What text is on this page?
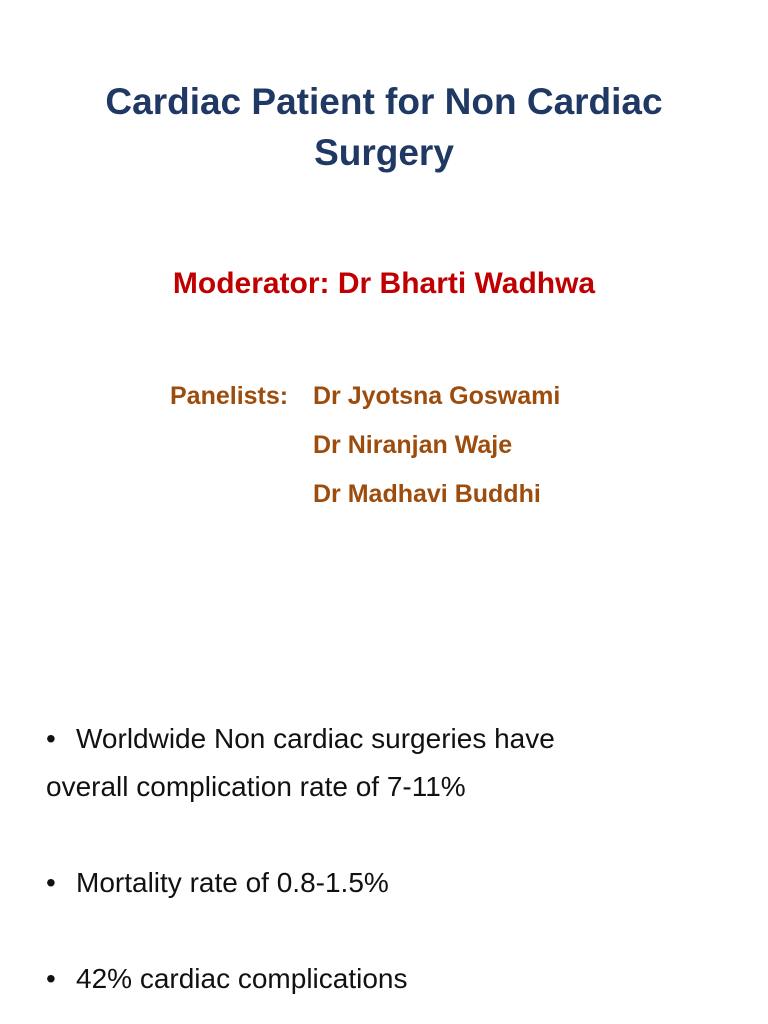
Cardiac Patient for Non Cardiac
Surgery

Moderator: Dr Bharti Wadhwa

Panelists: Dr Jyotsna Goswami
Dr Niranjan Waje
Dr Madhavi Buddhi

• Worldwide Non cardiac surgeries have
overall complication rate of 7-11%

• Mortality rate of 0.8-1.5%

• 42% cardiac complications
